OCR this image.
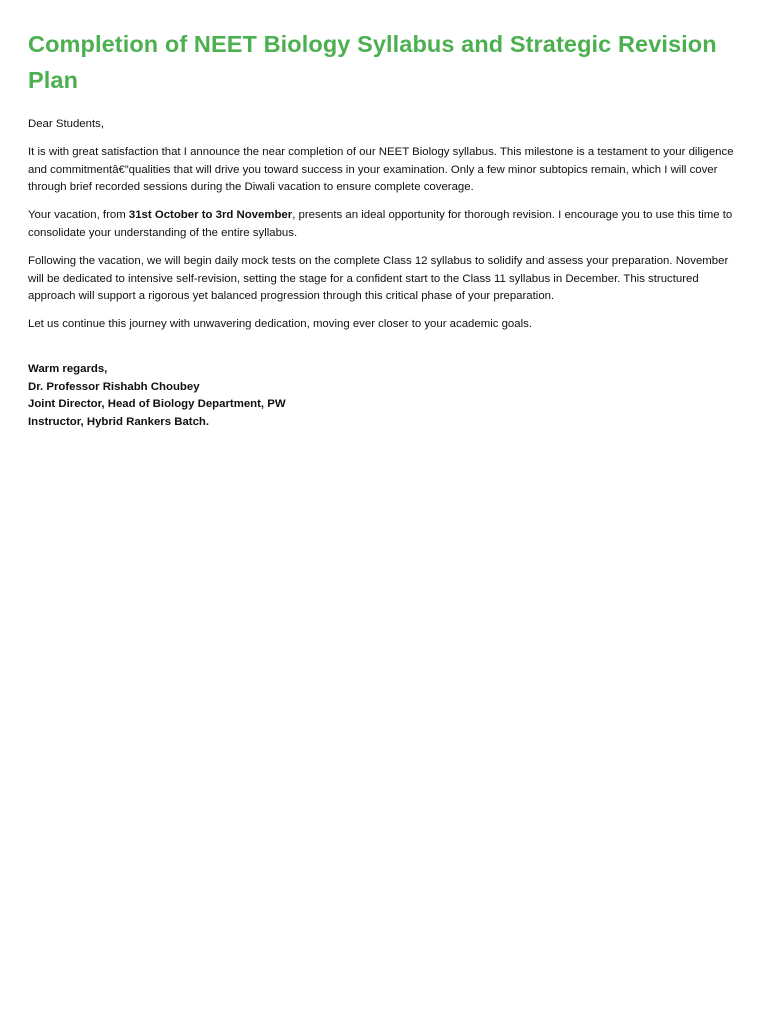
Completion of NEET Biology Syllabus and Strategic Revision Plan

Dear Students,

It is with great satisfaction that I announce the near completion of our NEET Biology syllabus. This milestone is a testament to your diligence and commitmentâ€”qualities that will drive you toward success in your examination. Only a few minor subtopics remain, which I will cover through brief recorded sessions during the Diwali vacation to ensure complete coverage.

Your vacation, from 31st October to 3rd November, presents an ideal opportunity for thorough revision. I encourage you to use this time to consolidate your understanding of the entire syllabus.

Following the vacation, we will begin daily mock tests on the complete Class 12 syllabus to solidify and assess your preparation. November will be dedicated to intensive self-revision, setting the stage for a confident start to the Class 11 syllabus in December. This structured approach will support a rigorous yet balanced progression through this critical phase of your preparation.

Let us continue this journey with unwavering dedication, moving ever closer to your academic goals.

Warm regards,
Dr. Professor Rishabh Choubey
Joint Director, Head of Biology Department, PW
Instructor, Hybrid Rankers Batch.
